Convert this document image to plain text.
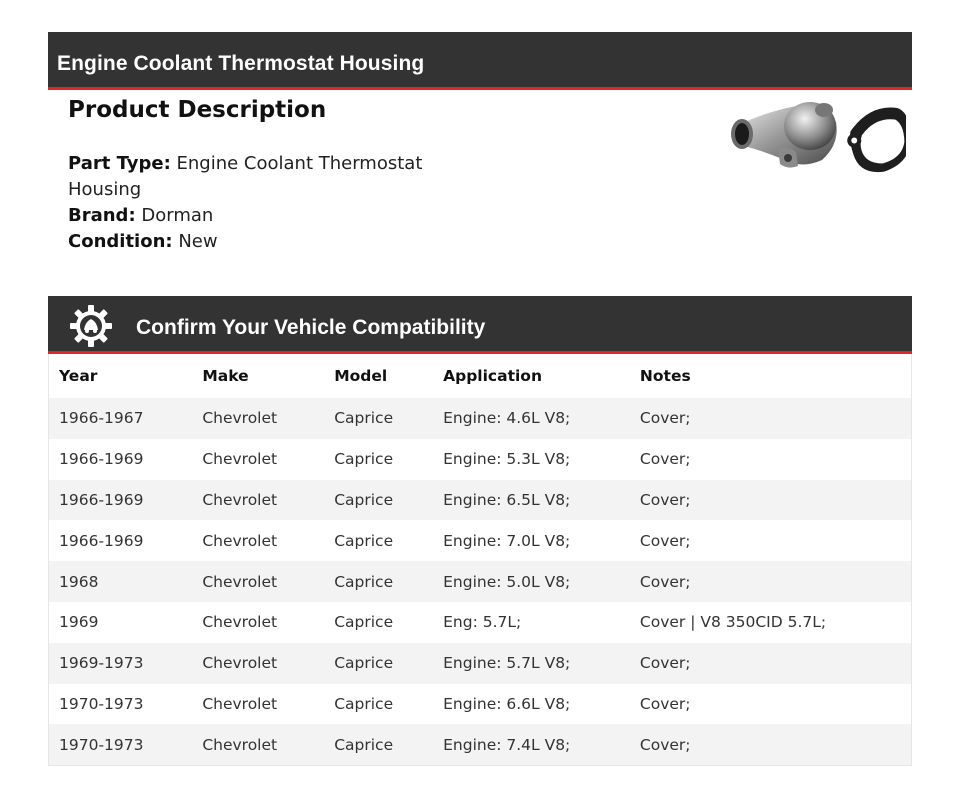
Engine Coolant Thermostat Housing
Product Description
Part Type: Engine Coolant Thermostat Housing
Brand: Dorman
Condition: New
Confirm Your Vehicle Compatibility
Year	Make	Model	Application	Notes
1966-1967	Chevrolet	Caprice	Engine: 4.6L V8;	Cover;
1966-1969	Chevrolet	Caprice	Engine: 5.3L V8;	Cover;
1966-1969	Chevrolet	Caprice	Engine: 6.5L V8;	Cover;
1966-1969	Chevrolet	Caprice	Engine: 7.0L V8;	Cover;
1968	Chevrolet	Caprice	Engine: 5.0L V8;	Cover;
1969	Chevrolet	Caprice	Eng: 5.7L;	Cover | V8 350CID 5.7L;
1969-1973	Chevrolet	Caprice	Engine: 5.7L V8;	Cover;
1970-1973	Chevrolet	Caprice	Engine: 6.6L V8;	Cover;
1970-1973	Chevrolet	Caprice	Engine: 7.4L V8;	Cover;
